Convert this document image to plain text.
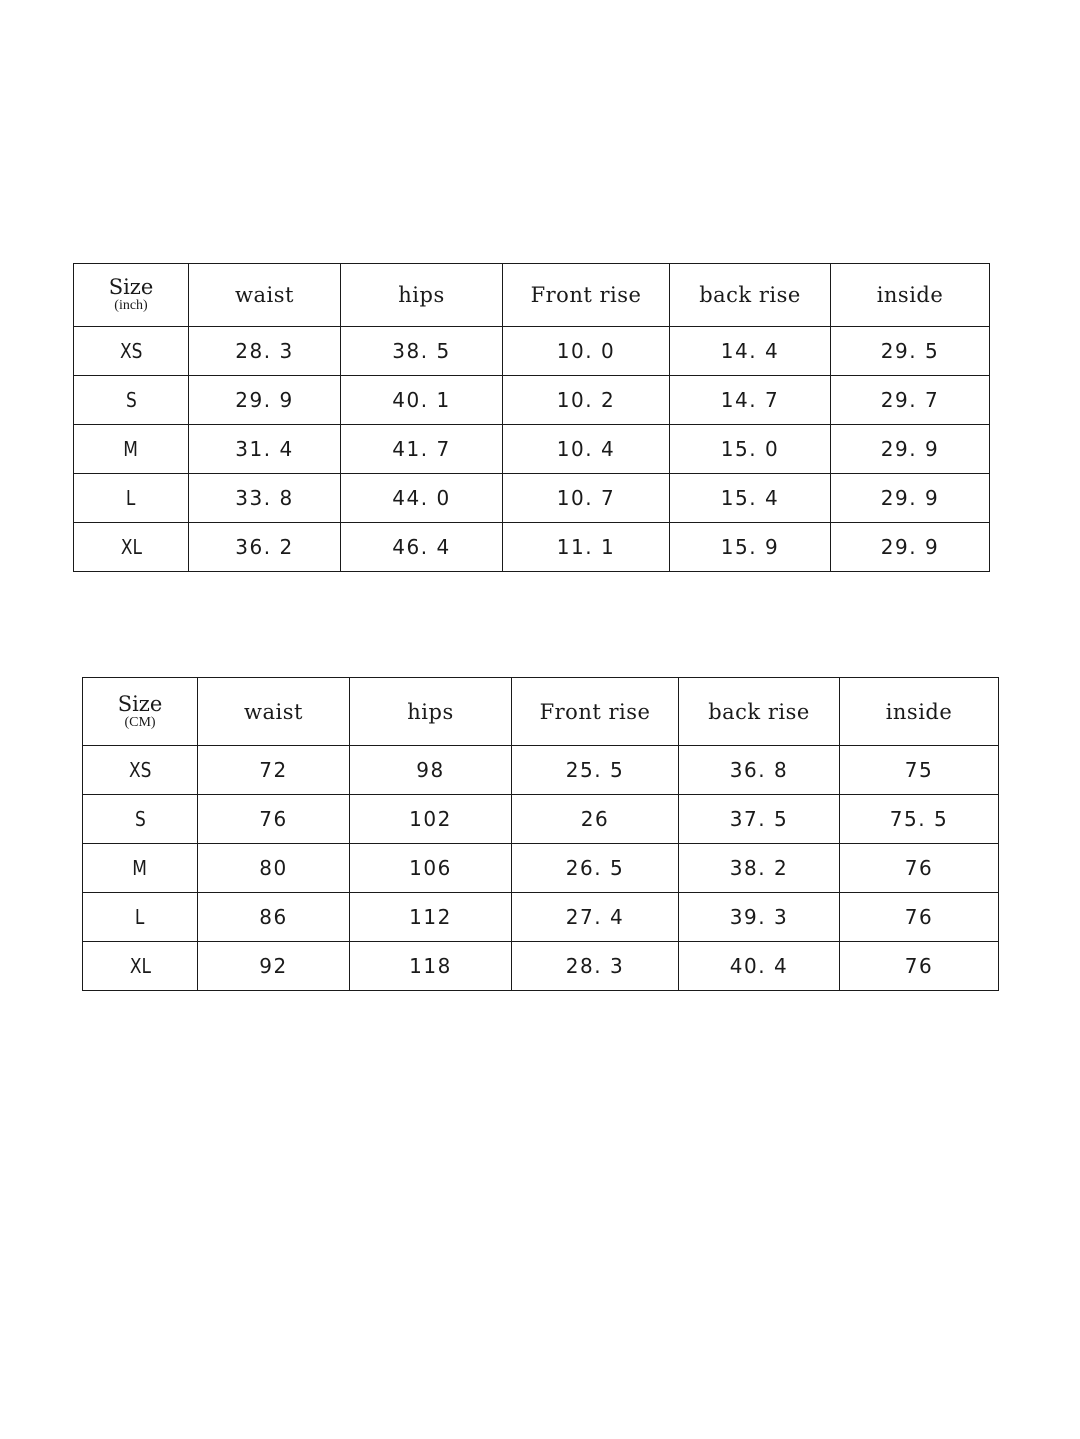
Size
(inch)	waist	hips	Front rise	back rise	inside
XS	28. 3	38. 5	10. 0	14. 4	29. 5
S	29. 9	40. 1	10. 2	14. 7	29. 7
M	31. 4	41. 7	10. 4	15. 0	29. 9
L	33. 8	44. 0	10. 7	15. 4	29. 9
XL	36. 2	46. 4	11. 1	15. 9	29. 9
Size
(CM)	waist	hips	Front rise	back rise	inside
XS	72	98	25. 5	36. 8	75
S	76	102	26	37. 5	75. 5
M	80	106	26. 5	38. 2	76
L	86	112	27. 4	39. 3	76
XL	92	118	28. 3	40. 4	76
